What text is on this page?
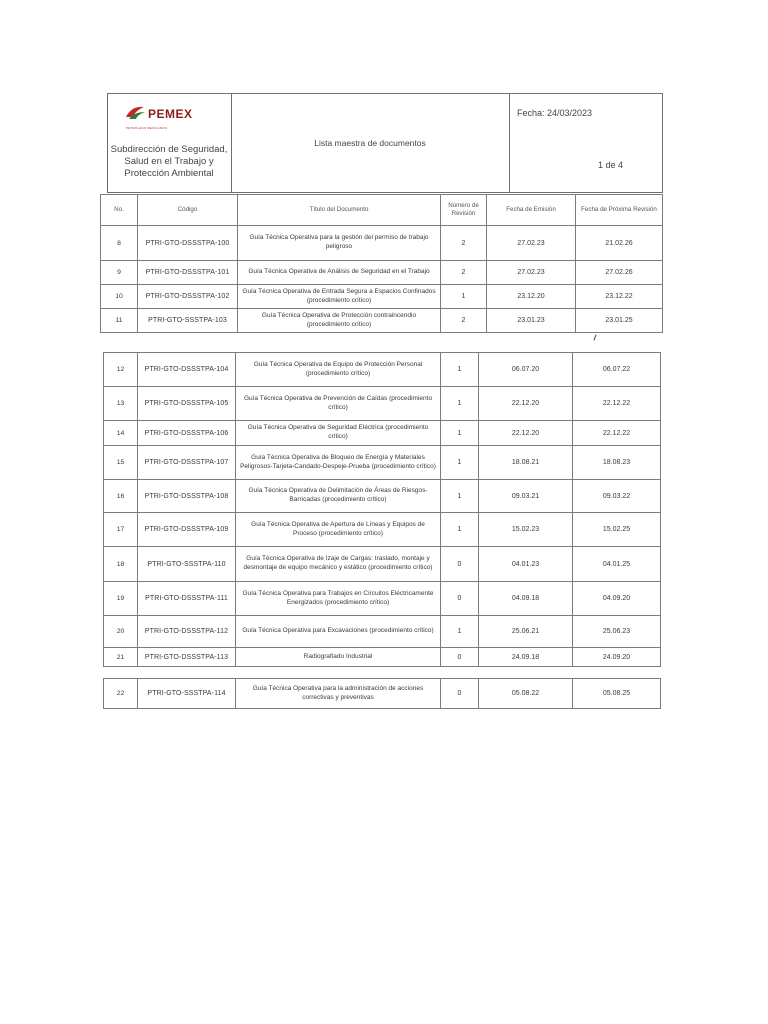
PEMEX
PETRÓLEOS MEXICANOS
Subdirección de Seguridad,
Salud en el Trabajo y
Protección Ambiental
Lista maestra de documentos
Fecha: 24/03/2023
1 de 4
No.	Código	Título del Documento	Número de Revisión	Fecha de Emisión	Fecha de Próxima Revisión
8	PTRI-GTO-DSSSTPA-100	Guía Técnica Operativa para la gestión del permiso de trabajo peligroso	2	27.02.23	21.02.26
9	PTRI-GTO-DSSSTPA-101	Guía Técnica Operativa de Análisis de Seguridad en el Trabajo	2	27.02.23	27.02.26
10	PTRI-GTO-DSSSTPA-102	Guía Técnica Operativa de Entrada Segura a Espacios Confinados (procedimiento crítico)	1	23.12.20	23.12.22
11	PTRI-GTO-SSSTPA-103	Guía Técnica Operativa de Protección contraincendio (procedimiento crítico)	2	23.01.23	23.01.25
12	PTRI-GTO-DSSSTPA-104	Guía Técnica Operativa de Equipo de Protección Personal (procedimiento crítico)	1	06.07.20	06.07.22
13	PTRI-GTO-DSSSTPA-105	Guía Técnica Operativa de Prevención de Caídas (procedimiento crítico)	1	22.12.20	22.12.22
14	PTRI-GTO-DSSSTPA-106	Guía Técnica Operativa de Seguridad Eléctrica (procedimiento crítico)	1	22.12.20	22.12.22
15	PTRI-GTO-DSSSTPA-107	Guía Técnica Operativa de Bloqueo de Energía y Materiales Peligrosos-Tarjeta-Candado-Despeje-Prueba (procedimiento crítico)	1	18.08.21	18.08.23
16	PTRI-GTO-DSSSTPA-108	Guía Técnica Operativa de Delimitación de Áreas de Riesgos-Barricadas (procedimiento crítico)	1	09.03.21	09.03.22
17	PTRI-GTO-DSSSTPA-109	Guía Técnica Operativa de Apertura de Líneas y Equipos de Proceso (procedimiento crítico)	1	15.02.23	15.02.25
18	PTRI-GTO-SSSTPA-110	Guía Técnica Operativa de Izaje de Cargas: traslado, montaje y desmontaje de equipo mecánico y estático (procedimiento crítico)	0	04.01.23	04.01.25
19	PTRI-GTO-DSSSTPA-111	Guía Técnica Operativa para Trabajos en Circuitos Eléctricamente Energizados (procedimiento crítico)	0	04.09.18	04.09.20
20	PTRI-GTO-DSSSTPA-112	Guía Técnica Operativa para Excavaciones (procedimiento crítico)	1	25.06.21	25.06.23
21	PTRI-GTO-DSSSTPA-113	Radiografiado Industrial	0	24.09.18	24.09.20
22	PTRI-GTO-SSSTPA-114	Guía Técnica Operativa para la administración de acciones correctivas y preventivas	0	05.08.22	05.08.25
